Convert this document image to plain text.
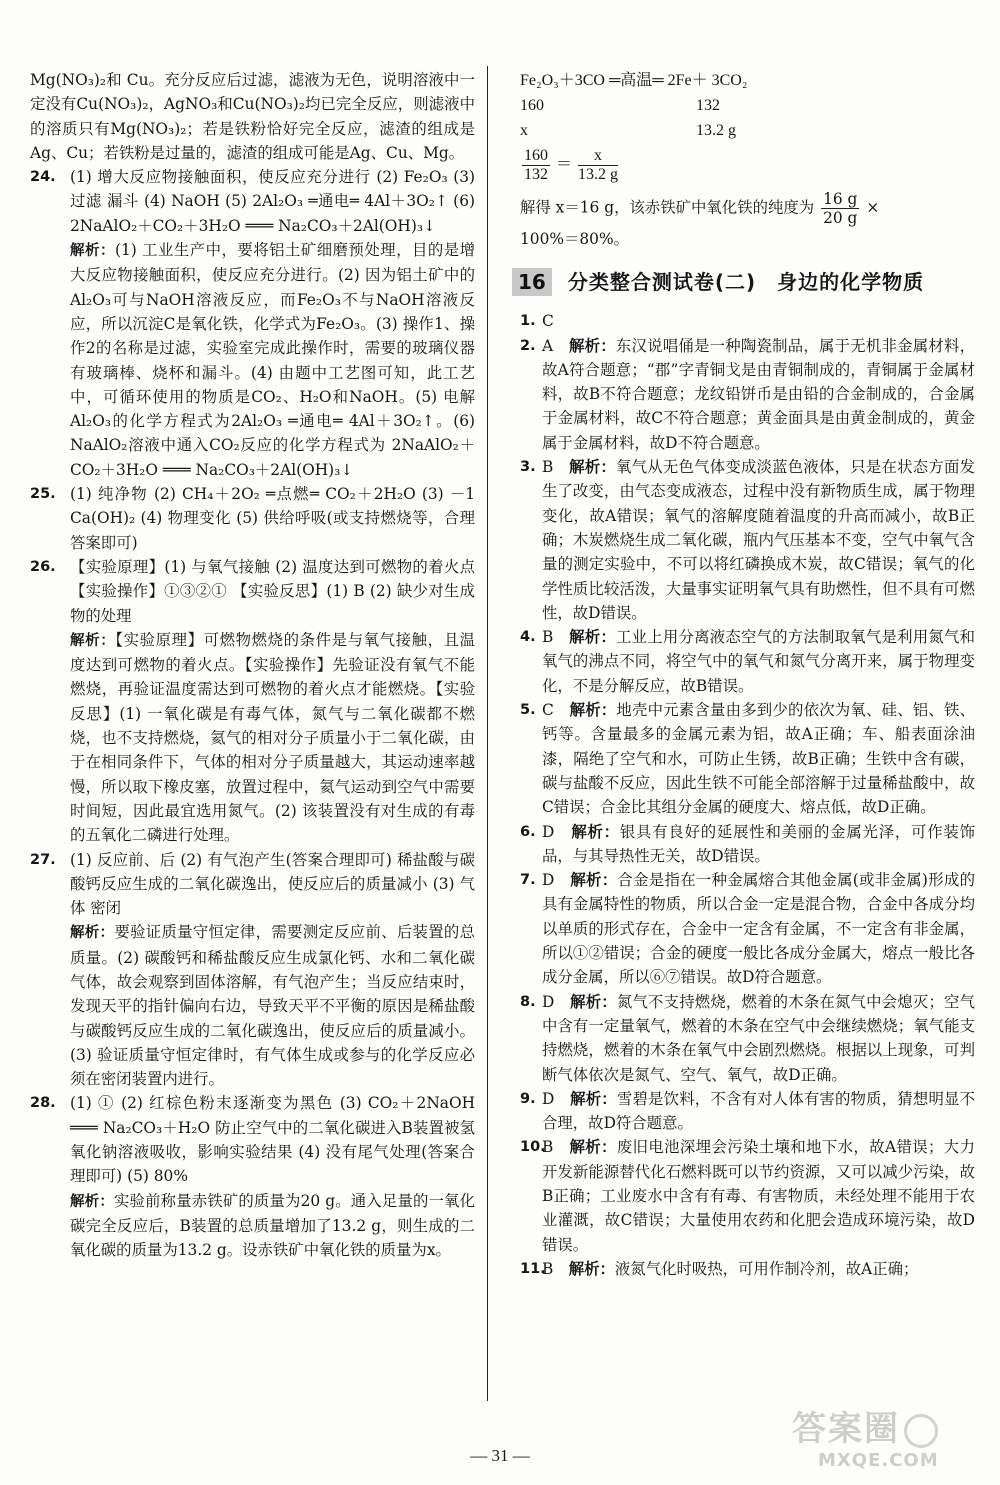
Mg(NO₃)₂和 Cu。充分反应后过滤，滤液为无色，说明溶液中一定没有Cu(NO₃)₂，AgNO₃和Cu(NO₃)₂均已完全反应，则滤液中的溶质只有Mg(NO₃)₂；若是铁粉恰好完全反应，滤渣的组成是Ag、Cu；若铁粉是过量的，滤渣的组成可能是Ag、Cu、Mg。
24. (1) 增大反应物接触面积，使反应充分进行 (2) Fe₂O₃ (3) 过滤 漏斗 (4) NaOH (5) 2Al₂O₃ ═通电═ 4Al＋3O₂↑ (6) 2NaAlO₂＋CO₂＋3H₂O ═══ Na₂CO₃＋2Al(OH)₃↓
解析：(1) 工业生产中，要将铝土矿细磨预处理，目的是增大反应物接触面积，使反应充分进行。(2) 因为铝土矿中的Al₂O₃可与NaOH溶液反应，而Fe₂O₃不与NaOH溶液反应，所以沉淀C是氧化铁，化学式为Fe₂O₃。(3) 操作1、操作2的名称是过滤，实验室完成此操作时，需要的玻璃仪器有玻璃棒、烧杯和漏斗。(4) 由题中工艺图可知，此工艺中，可循环使用的物质是CO₂、H₂O和NaOH。(5) 电解Al₂O₃的化学方程式为2Al₂O₃ ═通电═ 4Al＋3O₂↑。(6) NaAlO₂溶液中通入CO₂反应的化学方程式为 2NaAlO₂＋CO₂＋3H₂O ═══ Na₂CO₃＋2Al(OH)₃↓
25. (1) 纯净物 (2) CH₄＋2O₂ ═点燃═ CO₂＋2H₂O (3) －1 Ca(OH)₂ (4) 物理变化 (5) 供给呼吸(或支持燃烧等，合理答案即可)
26. 【实验原理】(1) 与氧气接触 (2) 温度达到可燃物的着火点 【实验操作】①③②① 【实验反思】(1) B (2) 缺少对生成物的处理
解析：【实验原理】可燃物燃烧的条件是与氧气接触，且温度达到可燃物的着火点。【实验操作】先验证没有氧气不能燃烧，再验证温度需达到可燃物的着火点才能燃烧。【实验反思】(1) 一氧化碳是有毒气体，氮气与二氧化碳都不燃烧，也不支持燃烧，氦气的相对分子质量小于二氧化碳，由于在相同条件下，气体的相对分子质量越大，其运动速率越慢，所以取下橡皮塞，放置过程中，氦气运动到空气中需要时间短，因此最宜选用氮气。(2) 该装置没有对生成的有毒的五氧化二磷进行处理。
27. (1) 反应前、后 (2) 有气泡产生(答案合理即可) 稀盐酸与碳酸钙反应生成的二氧化碳逸出，使反应后的质量减小 (3) 气体 密闭
解析：要验证质量守恒定律，需要测定反应前、后装置的总质量。(2) 碳酸钙和稀盐酸反应生成氯化钙、水和二氧化碳气体，故会观察到固体溶解，有气泡产生；当反应结束时，发现天平的指针偏向右边，导致天平不平衡的原因是稀盐酸与碳酸钙反应生成的二氧化碳逸出，使反应后的质量减小。(3) 验证质量守恒定律时，有气体生成或参与的化学反应必须在密闭装置内进行。
28. (1) ① (2) 红棕色粉末逐渐变为黑色 (3) CO₂＋2NaOH ═══ Na₂CO₃＋H₂O 防止空气中的二氧化碳进入B装置被氢氧化钠溶液吸收，影响实验结果 (4) 没有尾气处理(答案合理即可) (5) 80%
解析：实验前称量赤铁矿的质量为20 g。通入足量的一氧化碳完全反应后，B装置的总质量增加了13.2 g，则生成的二氧化碳的质量为13.2 g。设赤铁矿中氧化铁的质量为x。
Fe₂O₃＋3CO ═高温═ 2Fe＋ 3CO₂
160	132
x	13.2 g
$\frac{160}{132} = \frac{x}{13.2 g}$
解得 x＝16 g，该赤铁矿中氧化铁的纯度为 $\frac{16 g}{20 g}$ ×
100%＝80%。
16	分类整合测试卷(二)　身边的化学物质
1. C
2. A　 解析：东汉说唱俑是一种陶瓷制品，属于无机非金属材料，故A符合题意；“郡”字青铜戈是由青铜制成的，青铜属于金属材料，故B不符合题意；龙纹铅饼币是由铅的合金制成的，合金属于金属材料，故C不符合题意；黄金面具是由黄金制成的，黄金属于金属材料，故D不符合题意。
3. B　 解析：氧气从无色气体变成淡蓝色液体，只是在状态方面发生了改变，由气态变成液态，过程中没有新物质生成，属于物理变化，故A错误；氧气的溶解度随着温度的升高而减小，故B正确；木炭燃烧生成二氧化碳，瓶内气压基本不变，空气中氧气含量的测定实验中，不可以将红磷换成木炭，故C错误；氧气的化学性质比较活泼，大量事实证明氧气具有助燃性，但不具有可燃性，故D错误。
4. B　 解析：工业上用分离液态空气的方法制取氧气是利用氮气和氧气的沸点不同，将空气中的氧气和氮气分离开来，属于物理变化，不是分解反应，故B错误。
5. C　 解析：地壳中元素含量由多到少的依次为氧、硅、铝、铁、钙等。含量最多的金属元素为铝，故A正确；车、船表面涂油漆，隔绝了空气和水，可防止生锈，故B正确；生铁中含有碳，碳与盐酸不反应，因此生铁不可能全部溶解于过量稀盐酸中，故C错误；合金比其组分金属的硬度大、熔点低，故D正确。
6. D　 解析：银具有良好的延展性和美丽的金属光泽，可作装饰品，与其导热性无关，故D错误。
7. D　 解析：合金是指在一种金属熔合其他金属(或非金属)形成的具有金属特性的物质，所以合金一定是混合物，合金中各成分均以单质的形式存在，合金中一定含有金属，不一定含有非金属，所以①②错误；合金的硬度一般比各成分金属大，熔点一般比各成分金属，所以⑥⑦错误。故D符合题意。
8. D　 解析：氮气不支持燃烧，燃着的木条在氮气中会熄灭；空气中含有一定量氧气，燃着的木条在空气中会继续燃烧；氧气能支持燃烧，燃着的木条在氧气中会剧烈燃烧。根据以上现象，可判断气体依次是氮气、空气、氧气，故D正确。
9. D　 解析：雪碧是饮料，不含有对人体有害的物质，猜想明显不合理，故D符合题意。
10.
B　 解析：废旧电池深埋会污染土壤和地下水，故A错误；大力开发新能源替代化石燃料既可以节约资源，又可以减少污染，故B正确；工业废水中含有有毒、有害物质，未经处理不能用于农业灌溉，故C错误；大量使用农药和化肥会造成环境污染，故D错误。
11.
B　 解析：液氮气化时吸热，可用作制冷剂，故A正确；
— 31 —
答案圈
MXQE.COM
